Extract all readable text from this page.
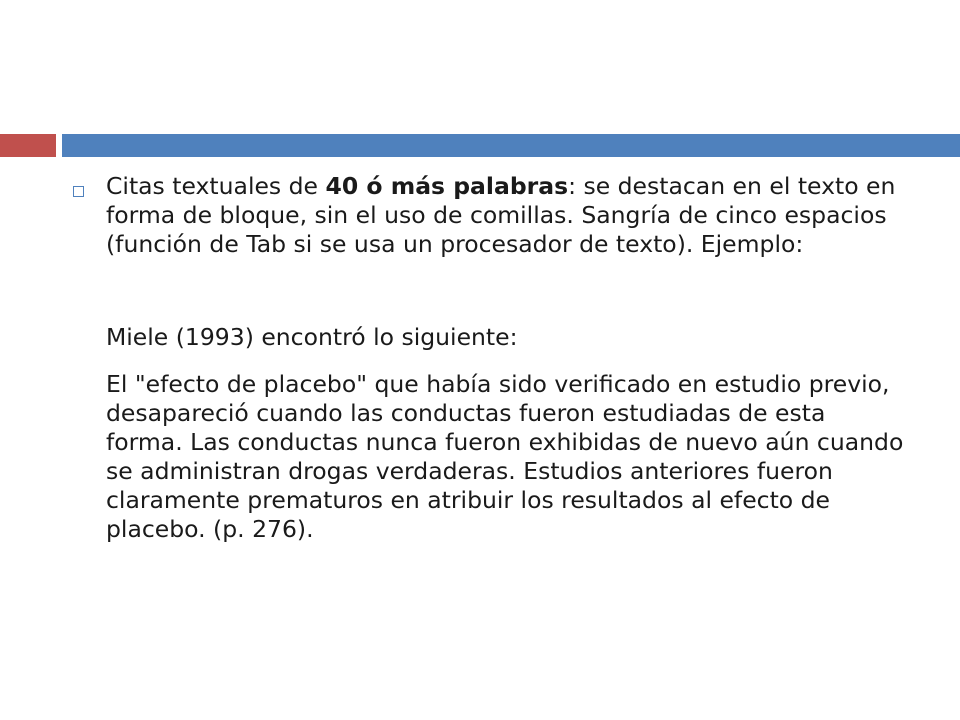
Citas textuales de 40 ó más palabras: se destacan en el texto en forma de bloque, sin el uso de comillas. Sangría de cinco espacios (función de Tab si se usa un procesador de texto). Ejemplo:

Miele (1993) encontró lo siguiente:

El "efecto de placebo" que había sido verificado en estudio previo, desapareció cuando las conductas fueron estudiadas de esta forma. Las conductas nunca fueron exhibidas de nuevo aún cuando se administran drogas verdaderas. Estudios anteriores fueron claramente prematuros en atribuir los resultados al efecto de placebo. (p. 276).
